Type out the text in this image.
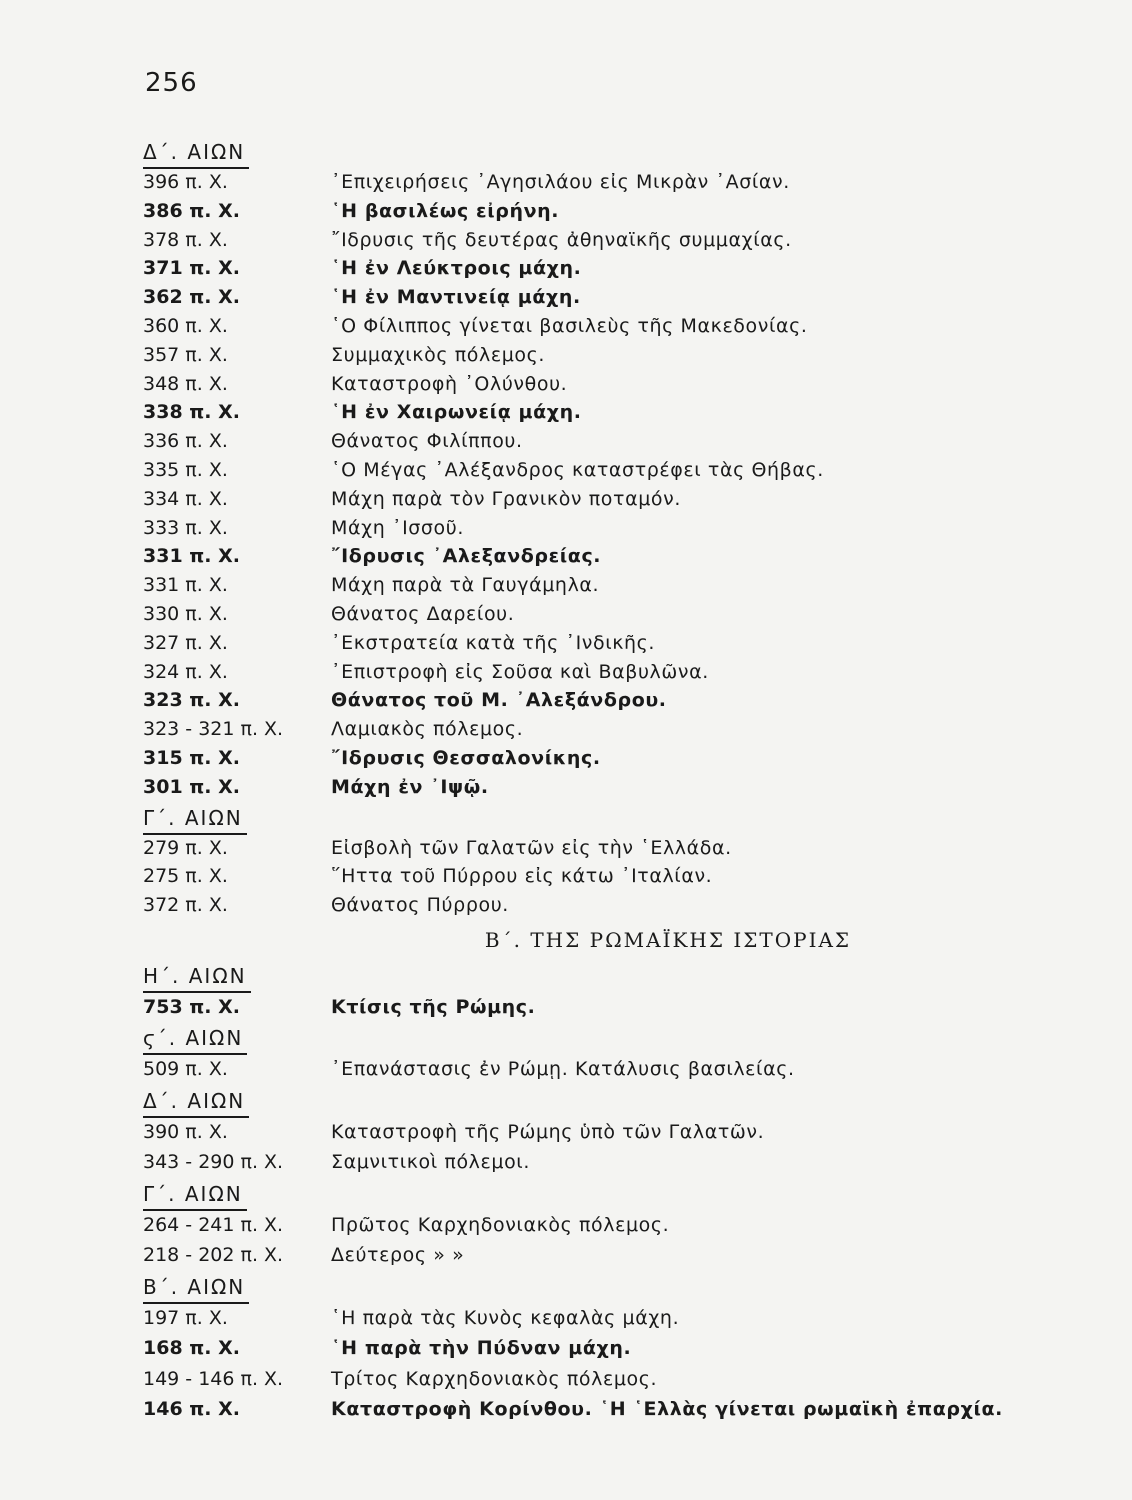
256
Δ΄. ΑΙΩΝ
396 π. Χ.	᾿Επιχειρήσεις ᾿Αγησιλάου εἰς Μικρὰν ᾿Ασίαν.
386 π. Χ.	῾Η βασιλέως εἰρήνη.
378 π. Χ.	῎Ιδρυσις τῆς δευτέρας ἀθηναϊκῆς συμμαχίας.
371 π. Χ.	῾Η ἐν Λεύκτροις μάχη.
362 π. Χ.	῾Η ἐν Μαντινείᾳ μάχη.
360 π. Χ.	῾Ο Φίλιππος γίνεται βασιλεὺς τῆς Μακεδονίας.
357 π. Χ.	Συμμαχικὸς πόλεμος.
348 π. Χ.	Καταστροφὴ ᾿Ολύνθου.
338 π. Χ.	῾Η ἐν Χαιρωνείᾳ μάχη.
336 π. Χ.	Θάνατος Φιλίππου.
335 π. Χ.	῾Ο Μέγας ᾿Αλέξανδρος καταστρέφει τὰς Θήβας.
334 π. Χ.	Μάχη παρὰ τὸν Γρανικὸν ποταμόν.
333 π. Χ.	Μάχη ᾿Ισσοῦ.
331 π. Χ.	῎Ιδρυσις ᾿Αλεξανδρείας.
331 π. Χ.	Μάχη παρὰ τὰ Γαυγάμηλα.
330 π. Χ.	Θάνατος Δαρείου.
327 π. Χ.	᾿Εκστρατεία κατὰ τῆς ᾿Ινδικῆς.
324 π. Χ.	᾿Επιστροφὴ εἰς Σοῦσα καὶ Βαβυλῶνα.
323 π. Χ.	Θάνατος τοῦ Μ. ᾿Αλεξάνδρου.
323 - 321 π. Χ.	Λαμιακὸς πόλεμος.
315 π. Χ.	῎Ιδρυσις Θεσσαλονίκης.
301 π. Χ.	Μάχη ἐν ᾿Ιψῷ.
Γ΄. ΑΙΩΝ
279 π. Χ.	Εἰσβολὴ τῶν Γαλατῶν εἰς τὴν ῾Ελλάδα.
275 π. Χ.	῞Ηττα τοῦ Πύρρου εἰς κάτω ᾿Ιταλίαν.
372 π. Χ.	Θάνατος Πύρρου.
Β΄. ΤΗΣ ΡΩΜΑΪΚΗΣ ΙΣΤΟΡΙΑΣ
Η΄. ΑΙΩΝ
753 π. Χ.	Κτίσις τῆς Ρώμης.
ϛ΄. ΑΙΩΝ
509 π. Χ.	᾿Επανάστασις ἐν Ρώμῃ. Κατάλυσις βασιλείας.
Δ΄. ΑΙΩΝ
390 π. Χ.	Καταστροφὴ τῆς Ρώμης ὑπὸ τῶν Γαλατῶν.
343 - 290 π. Χ.	Σαμνιτικοὶ πόλεμοι.
Γ΄. ΑΙΩΝ
264 - 241 π. Χ.	Πρῶτος Καρχηδονιακὸς πόλεμος.
218 - 202 π. Χ.	Δεύτερος » »
Β΄. ΑΙΩΝ
197 π. Χ.	῾Η παρὰ τὰς Κυνὸς κεφαλὰς μάχη.
168 π. Χ.	῾Η παρὰ τὴν Πύδναν μάχη.
149 - 146 π. Χ.	Τρίτος Καρχηδονιακὸς πόλεμος.
146 π. Χ.	Καταστροφὴ Κορίνθου. ῾Η ῾Ελλὰς γίνεται ρωμαϊκὴ ἐπαρχία.
